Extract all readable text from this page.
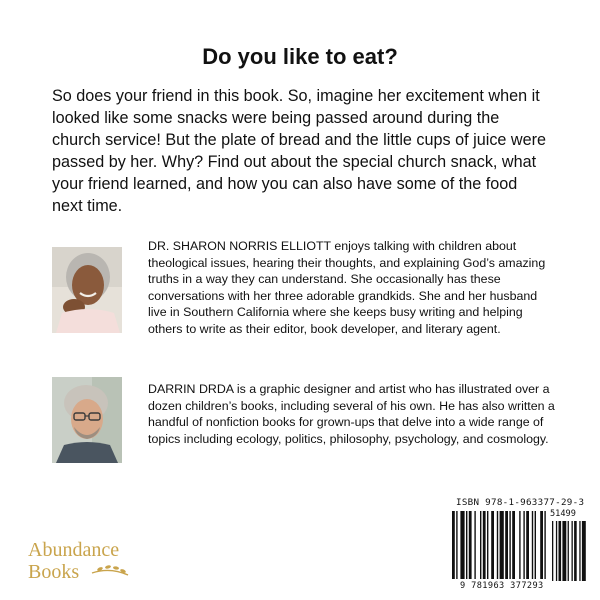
Do you like to eat?
So does your friend in this book. So, imagine her excitement when it looked like some snacks were being passed around during the church service! But the plate of bread and the little cups of juice were passed by her. Why? Find out about the special church snack, what your friend learned, and how you can also have some of the food next time.
DR. SHARON NORRIS ELLIOTT enjoys talking with children about theological issues, hearing their thoughts, and explaining God’s amazing truths in a way they can understand. She occasionally has these conversations with her three adorable grandkids. She and her husband live in Southern California where she keeps busy writing and helping others to write as their editor, book developer, and literary agent.
DARRIN DRDA is a graphic designer and artist who has illustrated over a dozen children’s books, including several of his own. He has also written a handful of nonfiction books for grown-ups that delve into a wide range of topics including ecology, politics, philosophy, psychology, and cosmology.
Abundance
Books
ISBN 978-1-963377-29-3
51499
9 781963 377293
